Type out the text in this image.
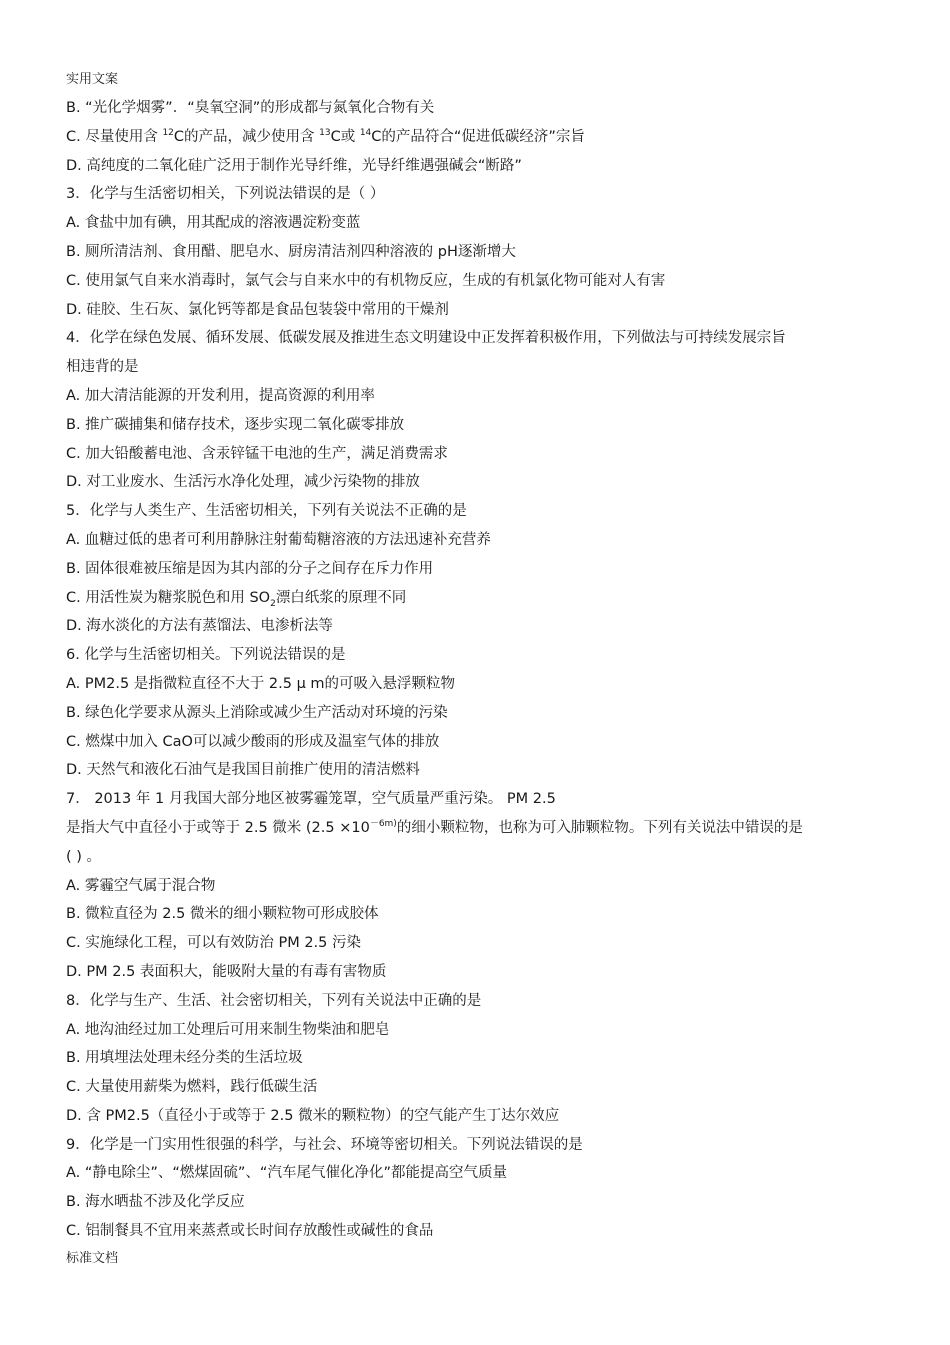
实用文案
B. “光化学烟雾”．“臭氧空洞”的形成都与氮氧化合物有关
C. 尽量使用含 $^{12}$C的产品，减少使用含 $^{13}$C或 $^{14}$C的产品符合“促进低碳经济”宗旨
D. 高纯度的二氧化硅广泛用于制作光导纤维，光导纤维遇强碱会“断路”
3．化学与生活密切相关，下列说法错误的是（ ）
A. 食盐中加有碘，用其配成的溶液遇淀粉变蓝
B. 厕所清洁剂、食用醋、肥皂水、厨房清洁剂四种溶液的 pH逐渐增大
C. 使用氯气自来水消毒时，氯气会与自来水中的有机物反应，生成的有机氯化物可能对人有害
D. 硅胶、生石灰、氯化钙等都是食品包装袋中常用的干燥剂
4．化学在绿色发展、循环发展、低碳发展及推进生态文明建设中正发挥着积极作用，下列做法与可持续发展宗旨
相违背的是
A. 加大清洁能源的开发利用，提高资源的利用率
B. 推广碳捕集和储存技术，逐步实现二氧化碳零排放
C. 加大铅酸蓄电池、含汞锌锰干电池的生产，满足消费需求
D. 对工业废水、生活污水净化处理，减少污染物的排放
5．化学与人类生产、生活密切相关，下列有关说法不正确的是
A. 血糖过低的患者可利用静脉注射葡萄糖溶液的方法迅速补充营养
B. 固体很难被压缩是因为其内部的分子之间存在斥力作用
C. 用活性炭为糖浆脱色和用 $SO_2$漂白纸浆的原理不同
D. 海水淡化的方法有蒸馏法、电渗析法等
6. 化学与生活密切相关。下列说法错误的是
A. PM2.5 是指微粒直径不大于 2.5 μ m的可吸入悬浮颗粒物
B. 绿色化学要求从源头上消除或减少生产活动对环境的污染
C. 燃煤中加入 CaO可以减少酸雨的形成及温室气体的排放
D. 天然气和液化石油气是我国目前推广使用的清洁燃料
7． 2013 年 1 月我国大部分地区被雾霾笼罩，空气质量严重污染。 PM 2.5
是指大气中直径小于或等于 2.5 微米 ($2.5 \times 10^{-6m)}$的细小颗粒物，也称为可入肺颗粒物。下列有关说法中错误的是
( ) 。
A. 雾霾空气属于混合物
B. 微粒直径为 2.5 微米的细小颗粒物可形成胶体
C. 实施绿化工程，可以有效防治 PM 2.5 污染
D. PM 2.5 表面积大，能吸附大量的有毒有害物质
8．化学与生产、生活、社会密切相关，下列有关说法中正确的是
A. 地沟油经过加工处理后可用来制生物柴油和肥皂
B. 用填埋法处理未经分类的生活垃圾
C. 大量使用薪柴为燃料，践行低碳生活
D. 含 PM2.5（直径小于或等于 2.5 微米的颗粒物）的空气能产生丁达尔效应
9．化学是一门实用性很强的科学，与社会、环境等密切相关。下列说法错误的是
A. “静电除尘”、“燃煤固硫”、“汽车尾气催化净化”都能提高空气质量
B. 海水晒盐不涉及化学反应
C. 铝制餐具不宜用来蒸煮或长时间存放酸性或碱性的食品
标准文档
